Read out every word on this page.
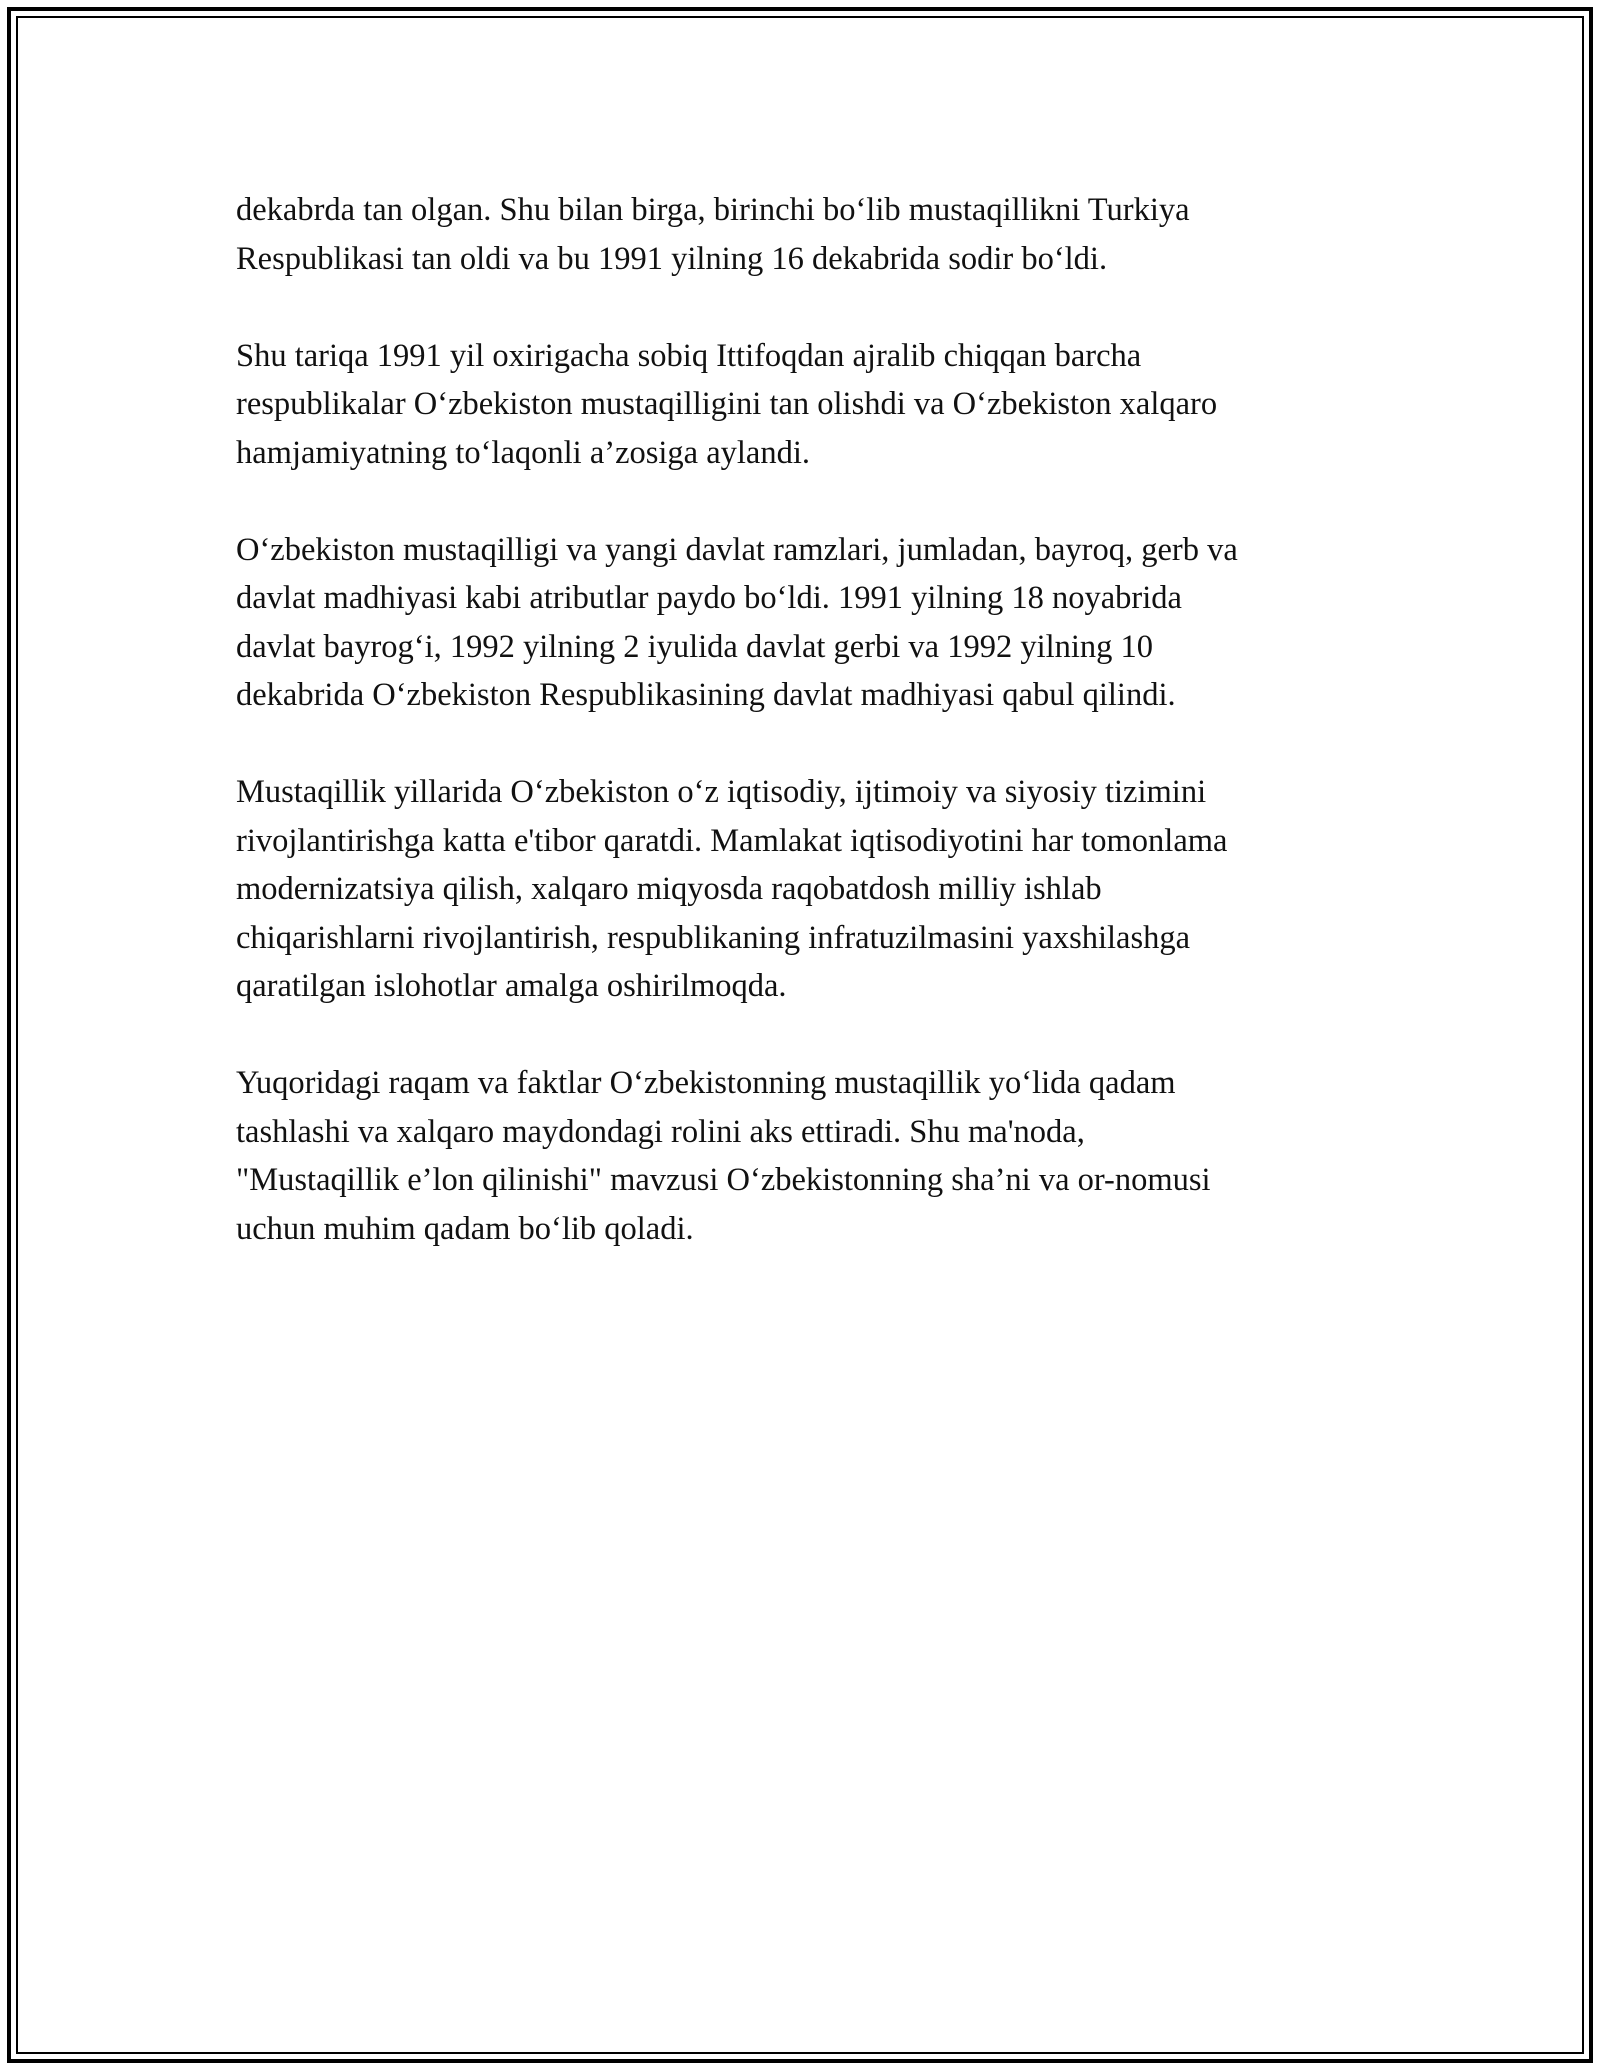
dekabrda tan olgan. Shu bilan birga, birinchi bo‘lib mustaqillikni Turkiya
Respublikasi tan oldi va bu 1991 yilning 16 dekabrida sodir bo‘ldi.

Shu tariqa 1991 yil oxirigacha sobiq Ittifoqdan ajralib chiqqan barcha
respublikalar O‘zbekiston mustaqilligini tan olishdi va O‘zbekiston xalqaro
hamjamiyatning to‘laqonli a’zosiga aylandi.

O‘zbekiston mustaqilligi va yangi davlat ramzlari, jumladan, bayroq, gerb va
davlat madhiyasi kabi atributlar paydo bo‘ldi. 1991 yilning 18 noyabrida
davlat bayrog‘i, 1992 yilning 2 iyulida davlat gerbi va 1992 yilning 10
dekabrida O‘zbekiston Respublikasining davlat madhiyasi qabul qilindi.

Mustaqillik yillarida O‘zbekiston o‘z iqtisodiy, ijtimoiy va siyosiy tizimini
rivojlantirishga katta e'tibor qaratdi. Mamlakat iqtisodiyotini har tomonlama
modernizatsiya qilish, xalqaro miqyosda raqobatdosh milliy ishlab
chiqarishlarni rivojlantirish, respublikaning infratuzilmasini yaxshilashga
qaratilgan islohotlar amalga oshirilmoqda.

Yuqoridagi raqam va faktlar O‘zbekistonning mustaqillik yo‘lida qadam
tashlashi va xalqaro maydondagi rolini aks ettiradi. Shu ma'noda,
"Mustaqillik e’lon qilinishi" mavzusi O‘zbekistonning sha’ni va or-nomusi
uchun muhim qadam bo‘lib qoladi.
